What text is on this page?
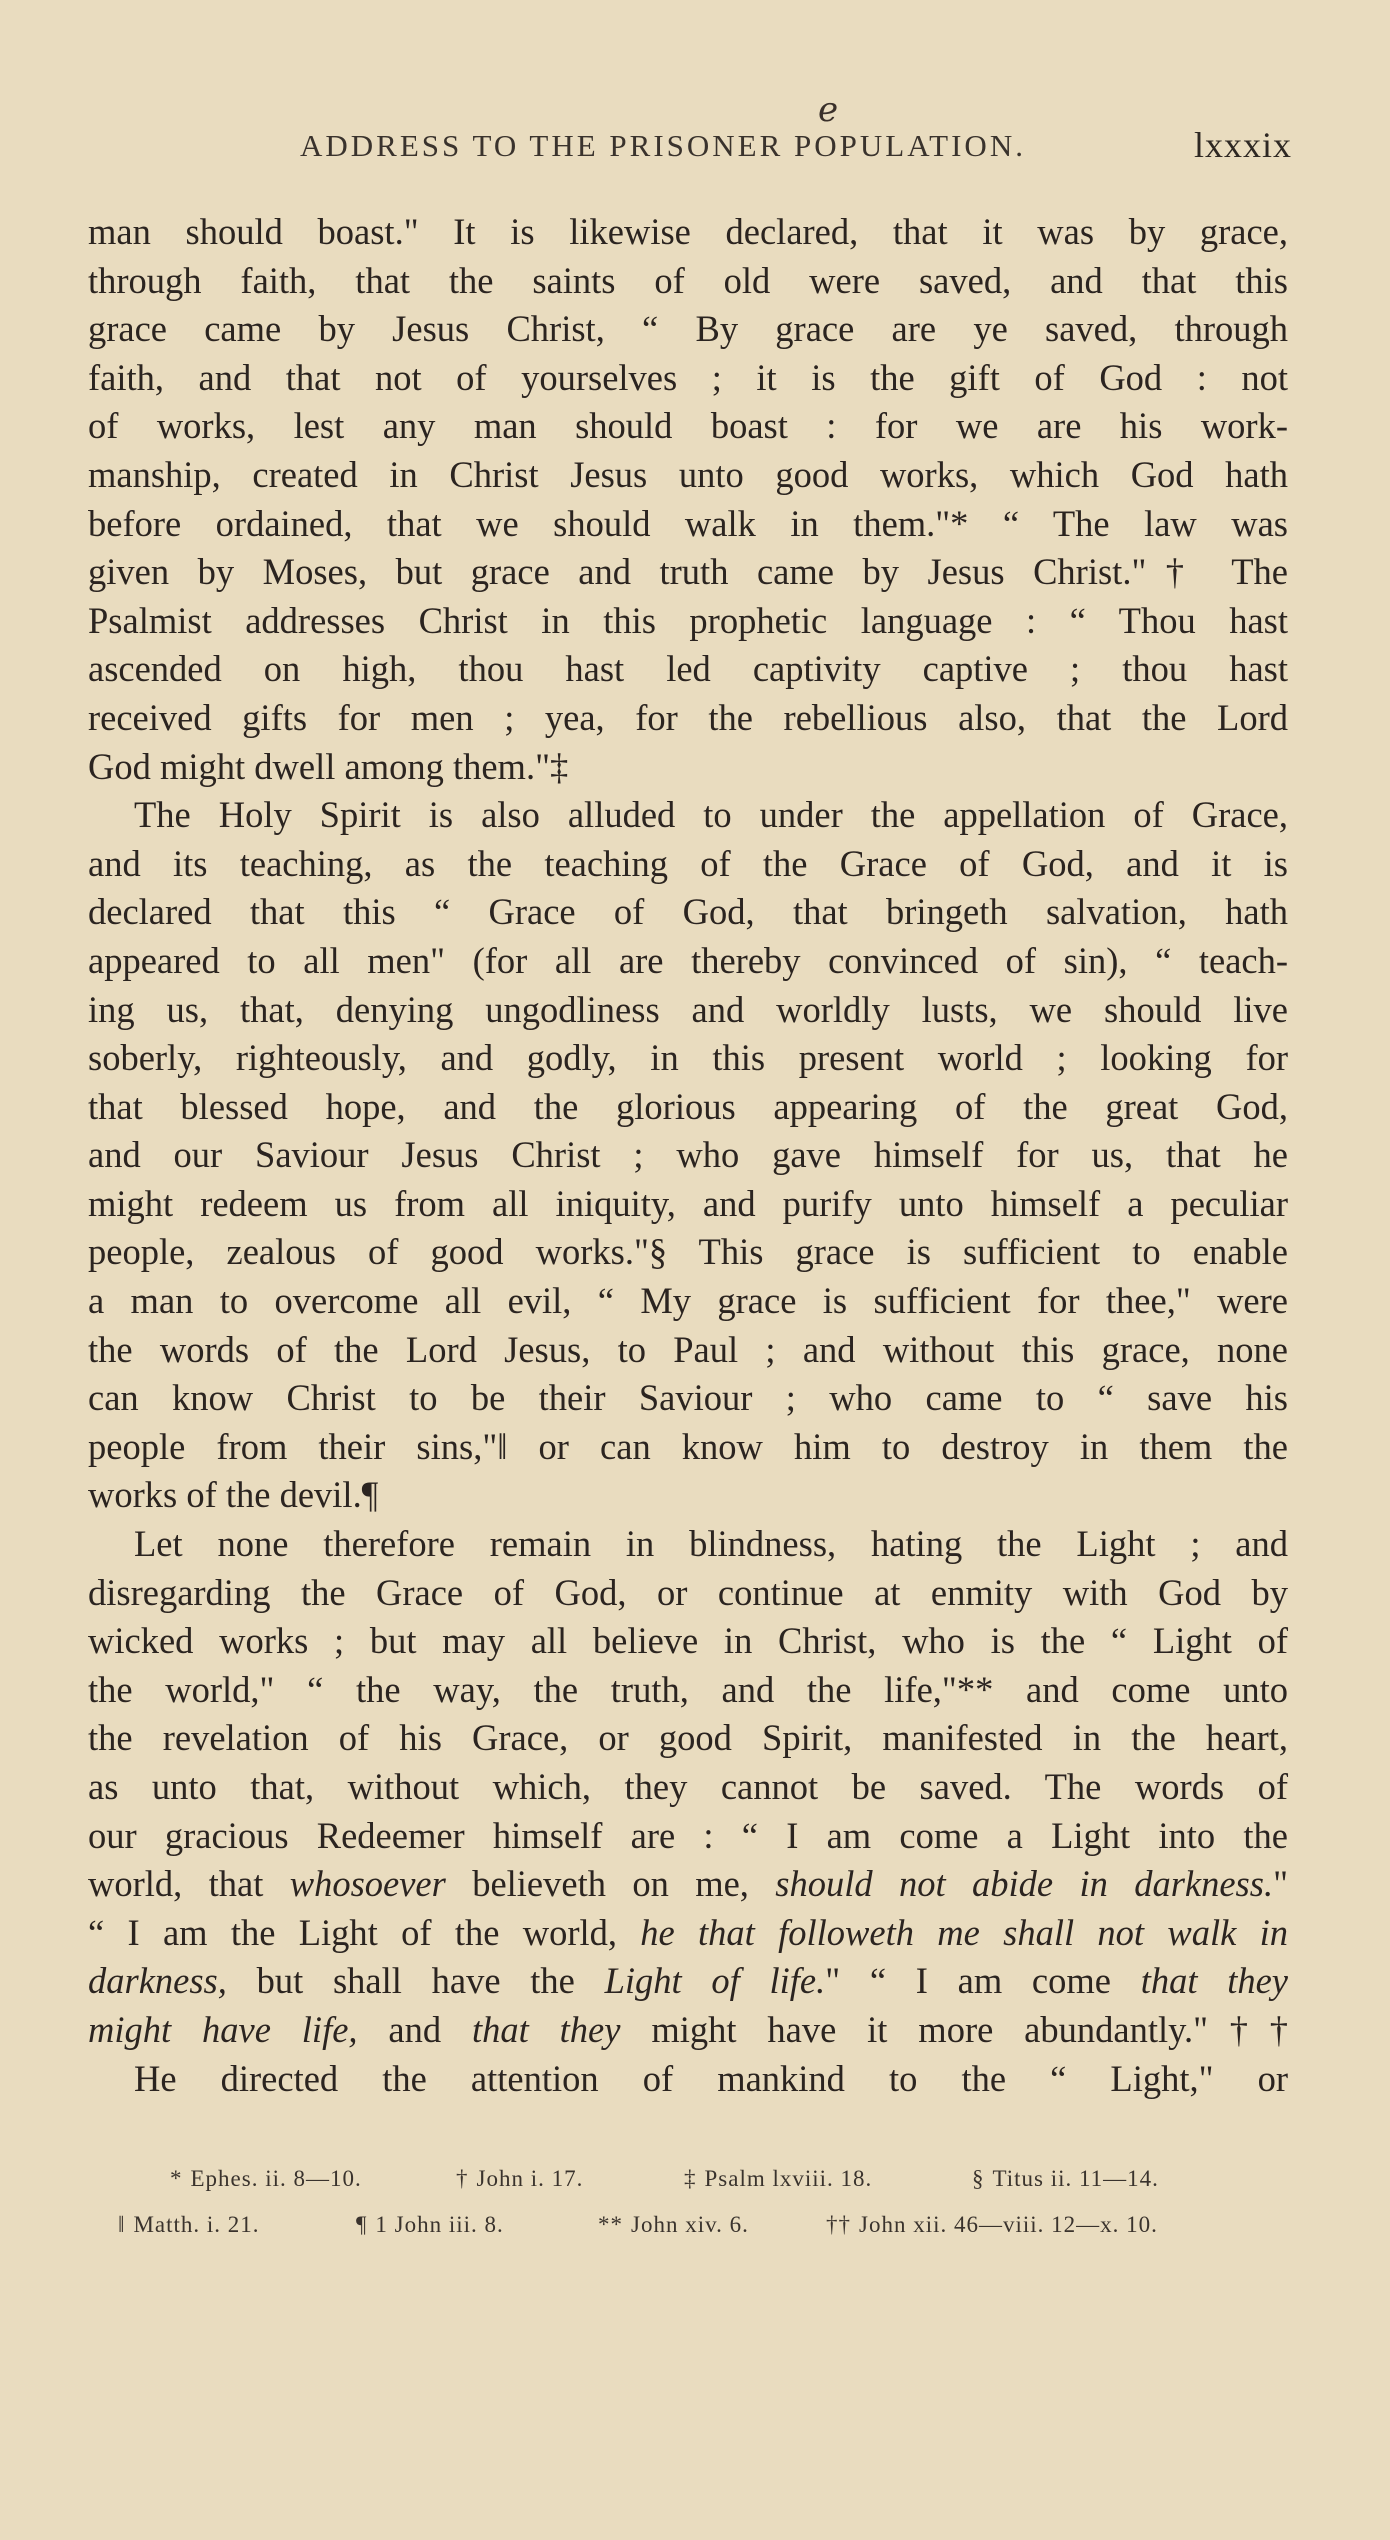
ℯ
ADDRESS TO THE PRISONER POPULATION.	lxxxix
man should boast." It is likewise declared, that it was by grace,
through faith, that the saints of old were saved, and that this
grace came by Jesus Christ, “ By grace are ye saved, through
faith, and that not of yourselves ; it is the gift of God : not
of works, lest any man should boast : for we are his work-
manship, created in Christ Jesus unto good works, which God hath
before ordained, that we should walk in them."* “ The law was
given by Moses, but grace and truth came by Jesus Christ."† The
Psalmist addresses Christ in this prophetic language : “ Thou hast
ascended on high, thou hast led captivity captive ; thou hast
received gifts for men ; yea, for the rebellious also, that the Lord
God might dwell among them."‡
The Holy Spirit is also alluded to under the appellation of Grace,
and its teaching, as the teaching of the Grace of God, and it is
declared that this “ Grace of God, that bringeth salvation, hath
appeared to all men" (for all are thereby convinced of sin), “ teach-
ing us, that, denying ungodliness and worldly lusts, we should live
soberly, righteously, and godly, in this present world ; looking for
that blessed hope, and the glorious appearing of the great God,
and our Saviour Jesus Christ ; who gave himself for us, that he
might redeem us from all iniquity, and purify unto himself a peculiar
people, zealous of good works."§ This grace is sufficient to enable
a man to overcome all evil, “ My grace is sufficient for thee," were
the words of the Lord Jesus, to Paul ; and without this grace, none
can know Christ to be their Saviour ; who came to “ save his
people from their sins,"‖ or can know him to destroy in them the
works of the devil.¶
Let none therefore remain in blindness, hating the Light ; and
disregarding the Grace of God, or continue at enmity with God by
wicked works ; but may all believe in Christ, who is the “ Light of
the world," “ the way, the truth, and the life,"** and come unto
the revelation of his Grace, or good Spirit, manifested in the heart,
as unto that, without which, they cannot be saved. The words of
our gracious Redeemer himself are : “ I am come a Light into the
world, that whosoever believeth on me, should not abide in darkness."
“ I am the Light of the world, he that followeth me shall not walk in
darkness, but shall have the Light of life." “ I am come that they
might have life, and that they might have it more abundantly."††
He directed the attention of mankind to the “ Light," or
* Ephes. ii. 8—10.	† John i. 17.	‡ Psalm lxviii. 18.	§ Titus ii. 11—14.
‖ Matth. i. 21.	¶ 1 John iii. 8.	** John xiv. 6.	†† John xii. 46—viii. 12—x. 10.
